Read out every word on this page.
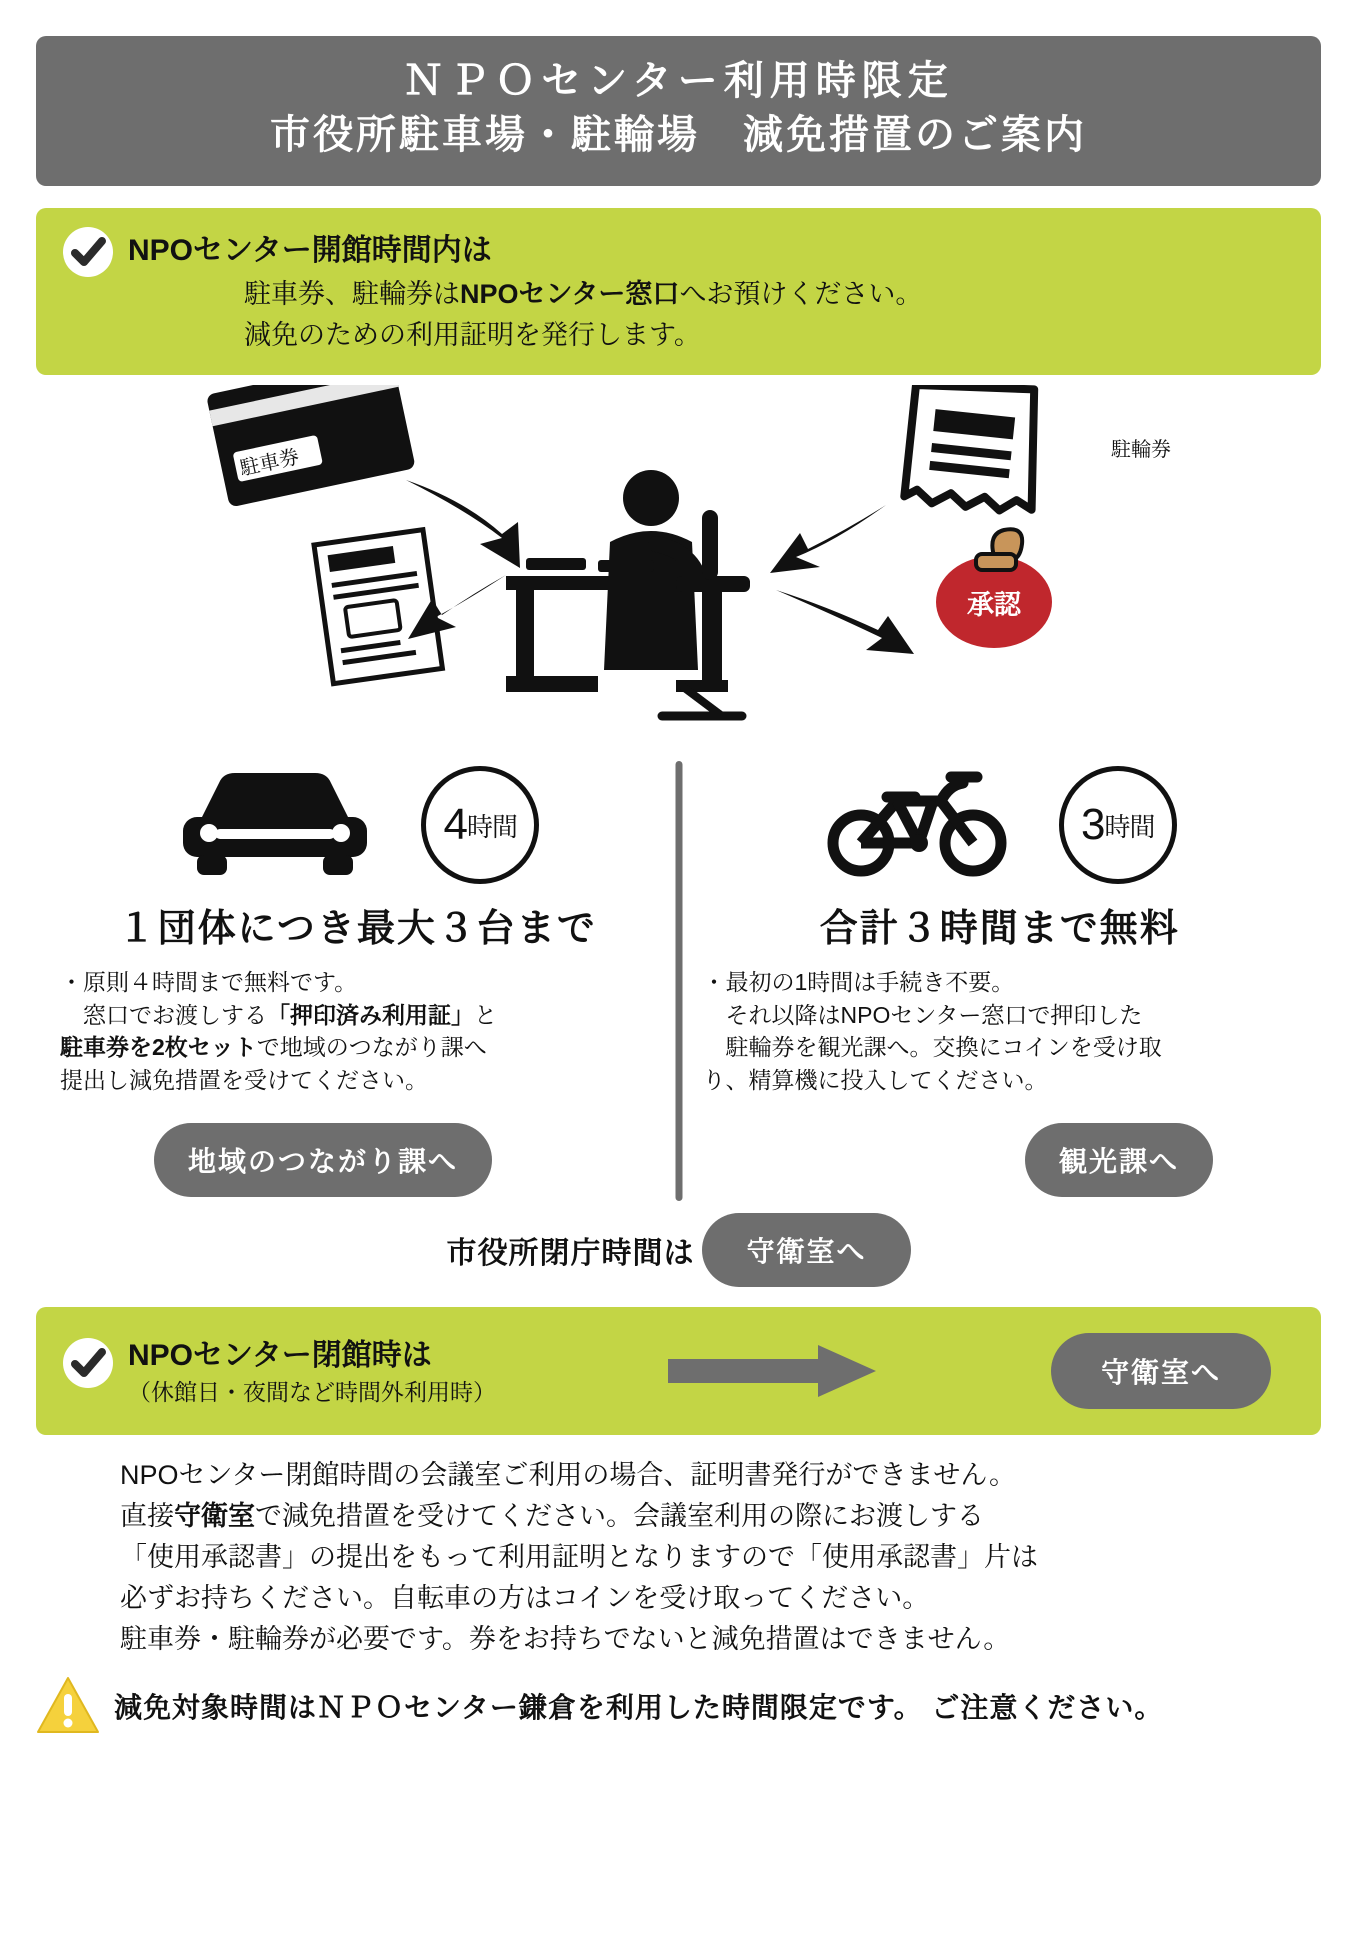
ＮＰＯセンター利用時限定
市役所駐車場・駐輪場　減免措置のご案内
NPOセンター開館時間内は
駐車券、駐輪券はNPOセンター窓口へお預けください。
減免のための利用証明を発行します。
駐車券
承認
駐輪券
4 時間
１団体につき最大３台まで
・原則４時間まで無料です。
　窓口でお渡しする「押印済み利用証」と
駐車券を2枚セットで地域のつながり課へ
提出し減免措置を受けてください。
地域のつながり課へ
3 時間
合計３時間まで無料
・最初の1時間は手続き不要。
　それ以降はNPOセンター窓口で押印した
　駐輪券を観光課へ。交換にコインを受け取
り、精算機に投入してください。
観光課へ
市役所閉庁時間は	守衛室へ
NPOセンター閉館時は
（休館日・夜間など時間外利用時）
守衛室へ
NPOセンター閉館時間の会議室ご利用の場合、証明書発行ができません。
直接守衛室で減免措置を受けてください。会議室利用の際にお渡しする
「使用承認書」の提出をもって利用証明となりますので「使用承認書」片は
必ずお持ちください。自転車の方はコインを受け取ってください。
駐車券・駐輪券が必要です。券をお持ちでないと減免措置はできません。
減免対象時間はＮＰＯセンター鎌倉を利用した時間限定です。 ご注意ください。
